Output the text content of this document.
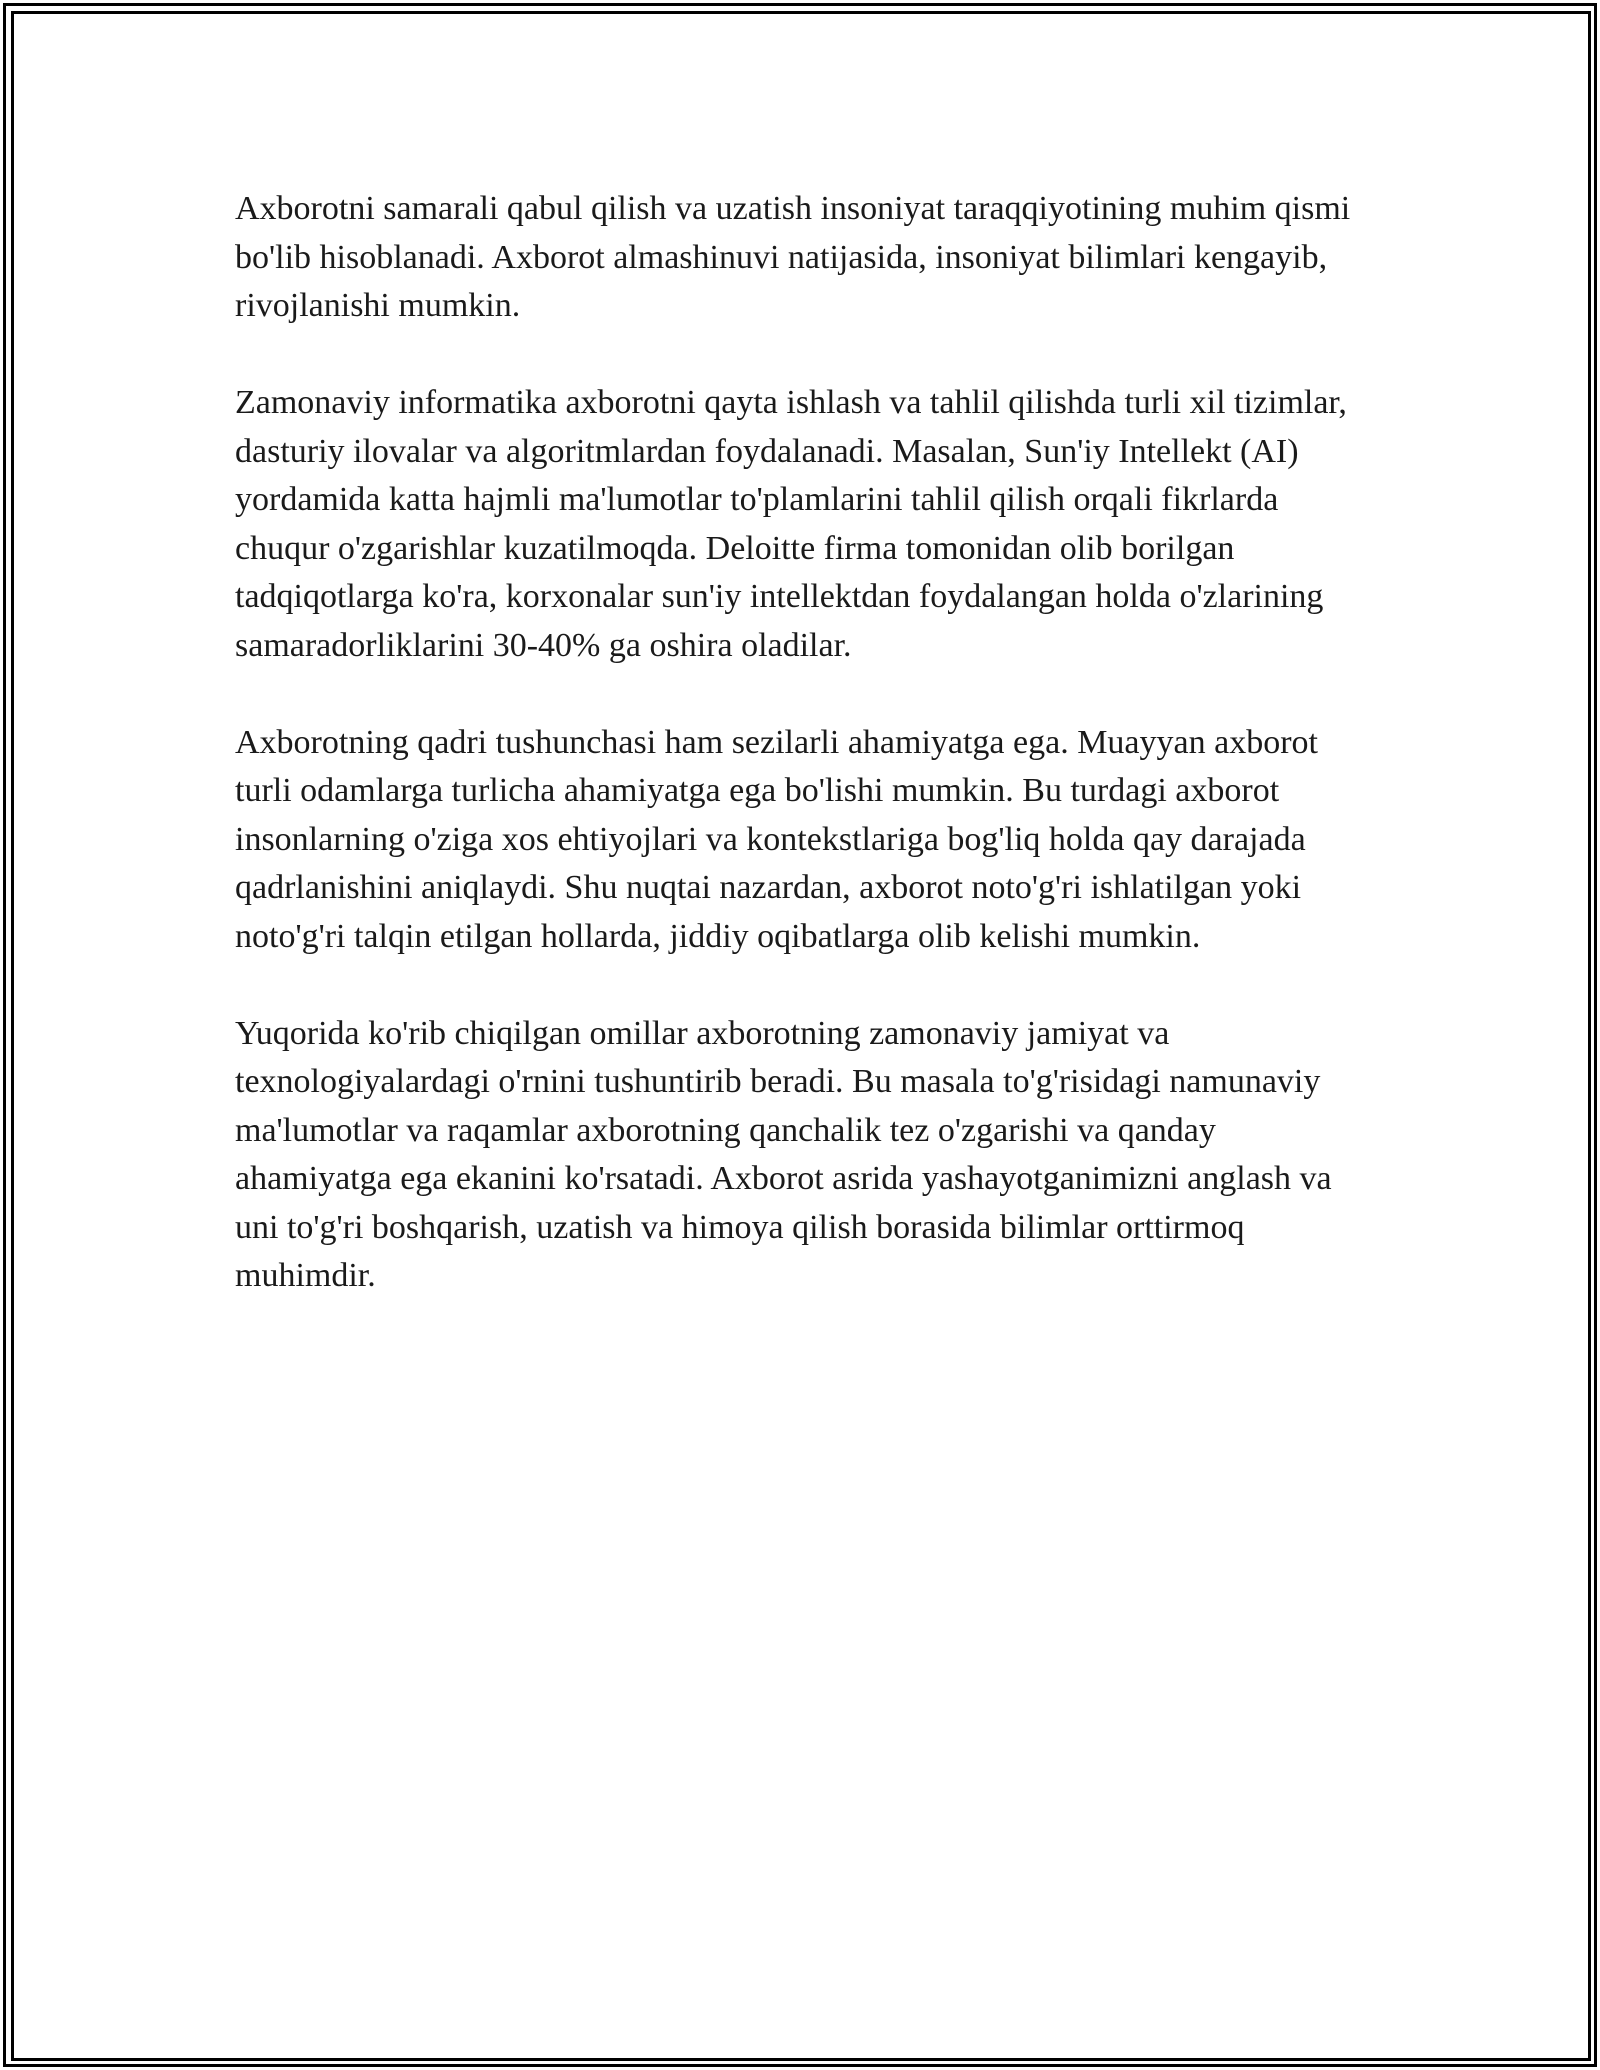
Axborotni samarali qabul qilish va uzatish insoniyat taraqqiyotining muhim qismi bo'lib hisoblanadi. Axborot almashinuvi natijasida, insoniyat bilimlari kengayib, rivojlanishi mumkin.

Zamonaviy informatika axborotni qayta ishlash va tahlil qilishda turli xil tizimlar, dasturiy ilovalar va algoritmlardan foydalanadi. Masalan, Sun'iy Intellekt (AI) yordamida katta hajmli ma'lumotlar to'plamlarini tahlil qilish orqali fikrlarda chuqur o'zgarishlar kuzatilmoqda. Deloitte firma tomonidan olib borilgan tadqiqotlarga ko'ra, korxonalar sun'iy intellektdan foydalangan holda o'zlarining samaradorliklarini 30-40% ga oshira oladilar.

Axborotning qadri tushunchasi ham sezilarli ahamiyatga ega. Muayyan axborot turli odamlarga turlicha ahamiyatga ega bo'lishi mumkin. Bu turdagi axborot insonlarning o'ziga xos ehtiyojlari va kontekstlariga bog'liq holda qay darajada qadrlanishini aniqlaydi. Shu nuqtai nazardan, axborot noto'g'ri ishlatilgan yoki noto'g'ri talqin etilgan hollarda, jiddiy oqibatlarga olib kelishi mumkin.

Yuqorida ko'rib chiqilgan omillar axborotning zamonaviy jamiyat va texnologiyalardagi o'rnini tushuntirib beradi. Bu masala to'g'risidagi namunaviy ma'lumotlar va raqamlar axborotning qanchalik tez o'zgarishi va qanday ahamiyatga ega ekanini ko'rsatadi. Axborot asrida yashayotganimizni anglash va uni to'g'ri boshqarish, uzatish va himoya qilish borasida bilimlar orttirmoq muhimdir.
